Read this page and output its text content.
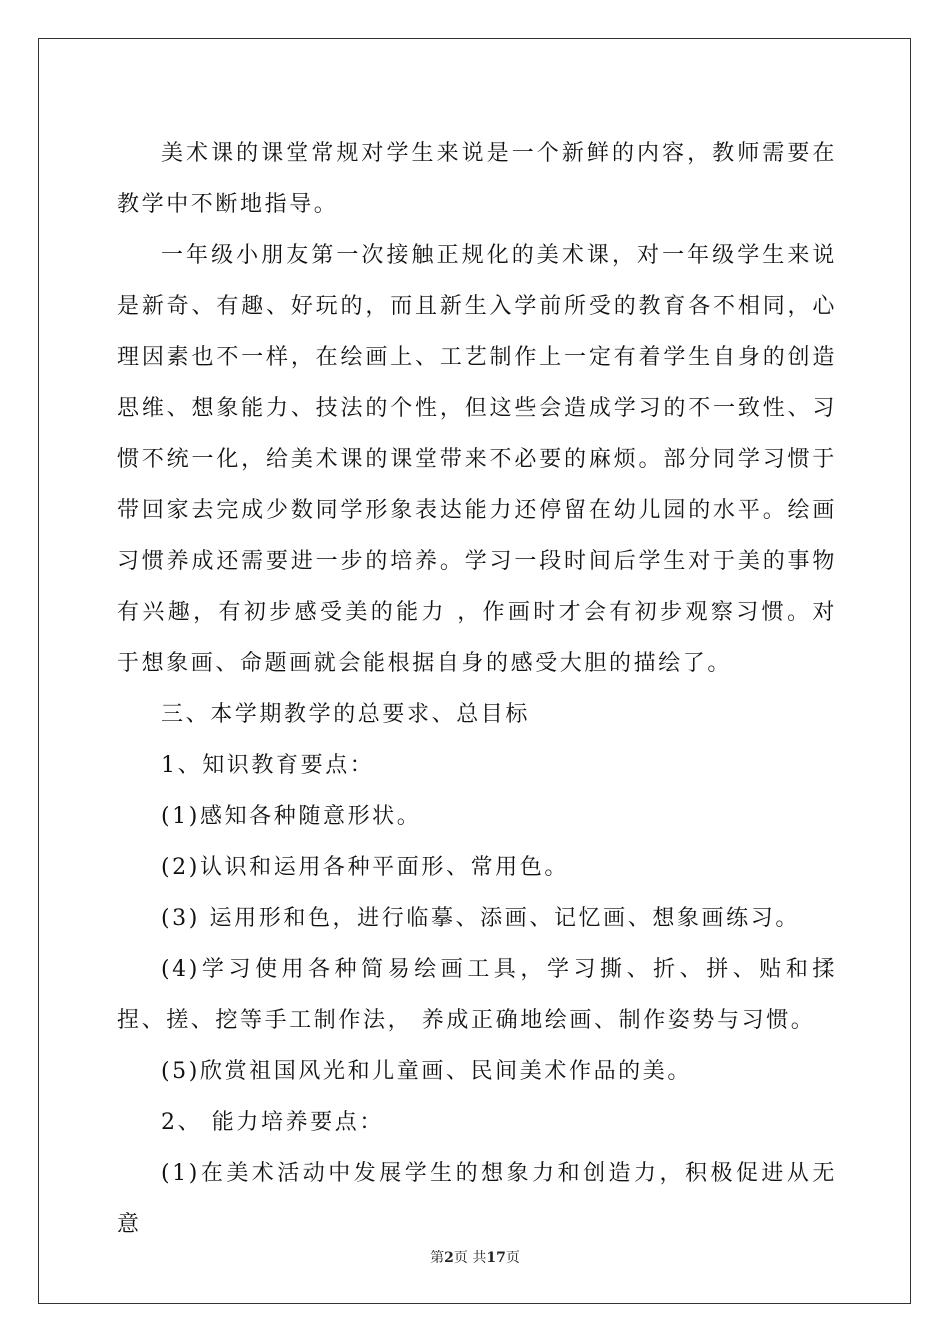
美术课的课堂常规对学生来说是一个新鲜的内容，教师需要在教学中不断地指导。

一年级小朋友第一次接触正规化的美术课，对一年级学生来说是新奇、有趣、好玩的，而且新生入学前所受的教育各不相同，心理因素也不一样，在绘画上、工艺制作上一定有着学生自身的创造思维、想象能力、技法的个性，但这些会造成学习的不一致性、习惯不统一化，给美术课的课堂带来不必要的麻烦。部分同学习惯于带回家去完成少数同学形象表达能力还停留在幼儿园的水平。绘画习惯养成还需要进一步的培养。学习一段时间后学生对于美的事物有兴趣，有初步感受美的能力 ，作画时才会有初步观察习惯。对于想象画、命题画就会能根据自身的感受大胆的描绘了。

三、本学期教学的总要求、总目标

1、知识教育要点：

(1)感知各种随意形状。

(2)认识和运用各种平面形、常用色。

(3) 运用形和色，进行临摹、添画、记忆画、想象画练习。

(4)学习使用各种简易绘画工具，学习撕、折、拼、贴和揉捏、搓、挖等手工制作法， 养成正确地绘画、制作姿势与习惯。

(5)欣赏祖国风光和儿童画、民间美术作品的美。

2、 能力培养要点：

(1)在美术活动中发展学生的想象力和创造力，积极促进从无意

第2页 共17页
